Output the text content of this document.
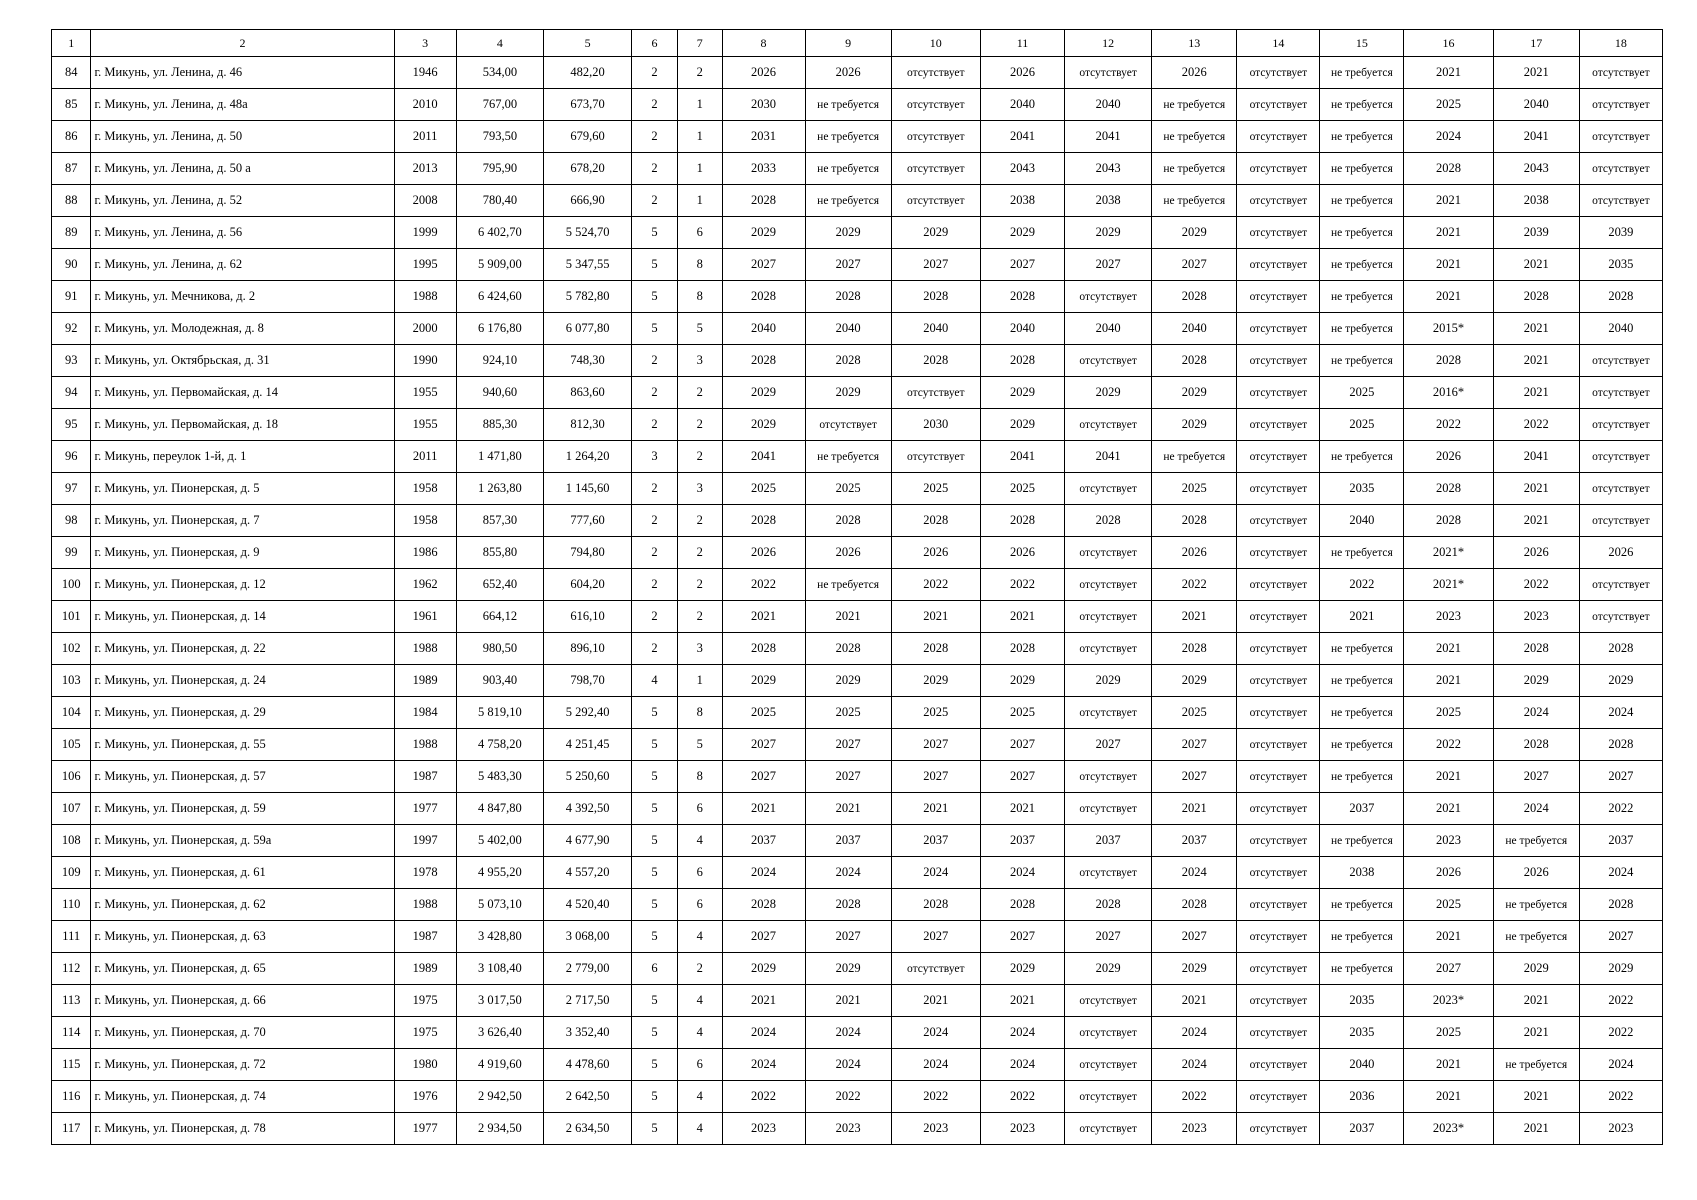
1	2	3	4	5	6	7	8	9	10	11	12	13	14	15	16	17	18
84	г. Микунь, ул. Ленина, д. 46	1946	534,00	482,20	2	2	2026	2026	отсутствует	2026	отсутствует	2026	отсутствует	не требуется	2021	2021	отсутствует
85	г. Микунь, ул. Ленина, д. 48а	2010	767,00	673,70	2	1	2030	не требуется	отсутствует	2040	2040	не требуется	отсутствует	не требуется	2025	2040	отсутствует
86	г. Микунь, ул. Ленина, д. 50	2011	793,50	679,60	2	1	2031	не требуется	отсутствует	2041	2041	не требуется	отсутствует	не требуется	2024	2041	отсутствует
87	г. Микунь, ул. Ленина, д. 50 а	2013	795,90	678,20	2	1	2033	не требуется	отсутствует	2043	2043	не требуется	отсутствует	не требуется	2028	2043	отсутствует
88	г. Микунь, ул. Ленина, д. 52	2008	780,40	666,90	2	1	2028	не требуется	отсутствует	2038	2038	не требуется	отсутствует	не требуется	2021	2038	отсутствует
89	г. Микунь, ул. Ленина, д. 56	1999	6 402,70	5 524,70	5	6	2029	2029	2029	2029	2029	2029	отсутствует	не требуется	2021	2039	2039
90	г. Микунь, ул. Ленина, д. 62	1995	5 909,00	5 347,55	5	8	2027	2027	2027	2027	2027	2027	отсутствует	не требуется	2021	2021	2035
91	г. Микунь, ул. Мечникова, д. 2	1988	6 424,60	5 782,80	5	8	2028	2028	2028	2028	отсутствует	2028	отсутствует	не требуется	2021	2028	2028
92	г. Микунь, ул. Молодежная, д. 8	2000	6 176,80	6 077,80	5	5	2040	2040	2040	2040	2040	2040	отсутствует	не требуется	2015*	2021	2040
93	г. Микунь, ул. Октябрьская, д. 31	1990	924,10	748,30	2	3	2028	2028	2028	2028	отсутствует	2028	отсутствует	не требуется	2028	2021	отсутствует
94	г. Микунь, ул. Первомайская, д. 14	1955	940,60	863,60	2	2	2029	2029	отсутствует	2029	2029	2029	отсутствует	2025	2016*	2021	отсутствует
95	г. Микунь, ул. Первомайская, д. 18	1955	885,30	812,30	2	2	2029	отсутствует	2030	2029	отсутствует	2029	отсутствует	2025	2022	2022	отсутствует
96	г. Микунь, переулок 1-й, д. 1	2011	1 471,80	1 264,20	3	2	2041	не требуется	отсутствует	2041	2041	не требуется	отсутствует	не требуется	2026	2041	отсутствует
97	г. Микунь, ул. Пионерская, д. 5	1958	1 263,80	1 145,60	2	3	2025	2025	2025	2025	отсутствует	2025	отсутствует	2035	2028	2021	отсутствует
98	г. Микунь, ул. Пионерская, д. 7	1958	857,30	777,60	2	2	2028	2028	2028	2028	2028	2028	отсутствует	2040	2028	2021	отсутствует
99	г. Микунь, ул. Пионерская, д. 9	1986	855,80	794,80	2	2	2026	2026	2026	2026	отсутствует	2026	отсутствует	не требуется	2021*	2026	2026
100	г. Микунь, ул. Пионерская, д. 12	1962	652,40	604,20	2	2	2022	не требуется	2022	2022	отсутствует	2022	отсутствует	2022	2021*	2022	отсутствует
101	г. Микунь, ул. Пионерская, д. 14	1961	664,12	616,10	2	2	2021	2021	2021	2021	отсутствует	2021	отсутствует	2021	2023	2023	отсутствует
102	г. Микунь, ул. Пионерская, д. 22	1988	980,50	896,10	2	3	2028	2028	2028	2028	отсутствует	2028	отсутствует	не требуется	2021	2028	2028
103	г. Микунь, ул. Пионерская, д. 24	1989	903,40	798,70	4	1	2029	2029	2029	2029	2029	2029	отсутствует	не требуется	2021	2029	2029
104	г. Микунь, ул. Пионерская, д. 29	1984	5 819,10	5 292,40	5	8	2025	2025	2025	2025	отсутствует	2025	отсутствует	не требуется	2025	2024	2024
105	г. Микунь, ул. Пионерская, д. 55	1988	4 758,20	4 251,45	5	5	2027	2027	2027	2027	2027	2027	отсутствует	не требуется	2022	2028	2028
106	г. Микунь, ул. Пионерская, д. 57	1987	5 483,30	5 250,60	5	8	2027	2027	2027	2027	отсутствует	2027	отсутствует	не требуется	2021	2027	2027
107	г. Микунь, ул. Пионерская, д. 59	1977	4 847,80	4 392,50	5	6	2021	2021	2021	2021	отсутствует	2021	отсутствует	2037	2021	2024	2022
108	г. Микунь, ул. Пионерская, д. 59а	1997	5 402,00	4 677,90	5	4	2037	2037	2037	2037	2037	2037	отсутствует	не требуется	2023	не требуется	2037
109	г. Микунь, ул. Пионерская, д. 61	1978	4 955,20	4 557,20	5	6	2024	2024	2024	2024	отсутствует	2024	отсутствует	2038	2026	2026	2024
110	г. Микунь, ул. Пионерская, д. 62	1988	5 073,10	4 520,40	5	6	2028	2028	2028	2028	2028	2028	отсутствует	не требуется	2025	не требуется	2028
111	г. Микунь, ул. Пионерская, д. 63	1987	3 428,80	3 068,00	5	4	2027	2027	2027	2027	2027	2027	отсутствует	не требуется	2021	не требуется	2027
112	г. Микунь, ул. Пионерская, д. 65	1989	3 108,40	2 779,00	6	2	2029	2029	отсутствует	2029	2029	2029	отсутствует	не требуется	2027	2029	2029
113	г. Микунь, ул. Пионерская, д. 66	1975	3 017,50	2 717,50	5	4	2021	2021	2021	2021	отсутствует	2021	отсутствует	2035	2023*	2021	2022
114	г. Микунь, ул. Пионерская, д. 70	1975	3 626,40	3 352,40	5	4	2024	2024	2024	2024	отсутствует	2024	отсутствует	2035	2025	2021	2022
115	г. Микунь, ул. Пионерская, д. 72	1980	4 919,60	4 478,60	5	6	2024	2024	2024	2024	отсутствует	2024	отсутствует	2040	2021	не требуется	2024
116	г. Микунь, ул. Пионерская, д. 74	1976	2 942,50	2 642,50	5	4	2022	2022	2022	2022	отсутствует	2022	отсутствует	2036	2021	2021	2022
117	г. Микунь, ул. Пионерская, д. 78	1977	2 934,50	2 634,50	5	4	2023	2023	2023	2023	отсутствует	2023	отсутствует	2037	2023*	2021	2023
